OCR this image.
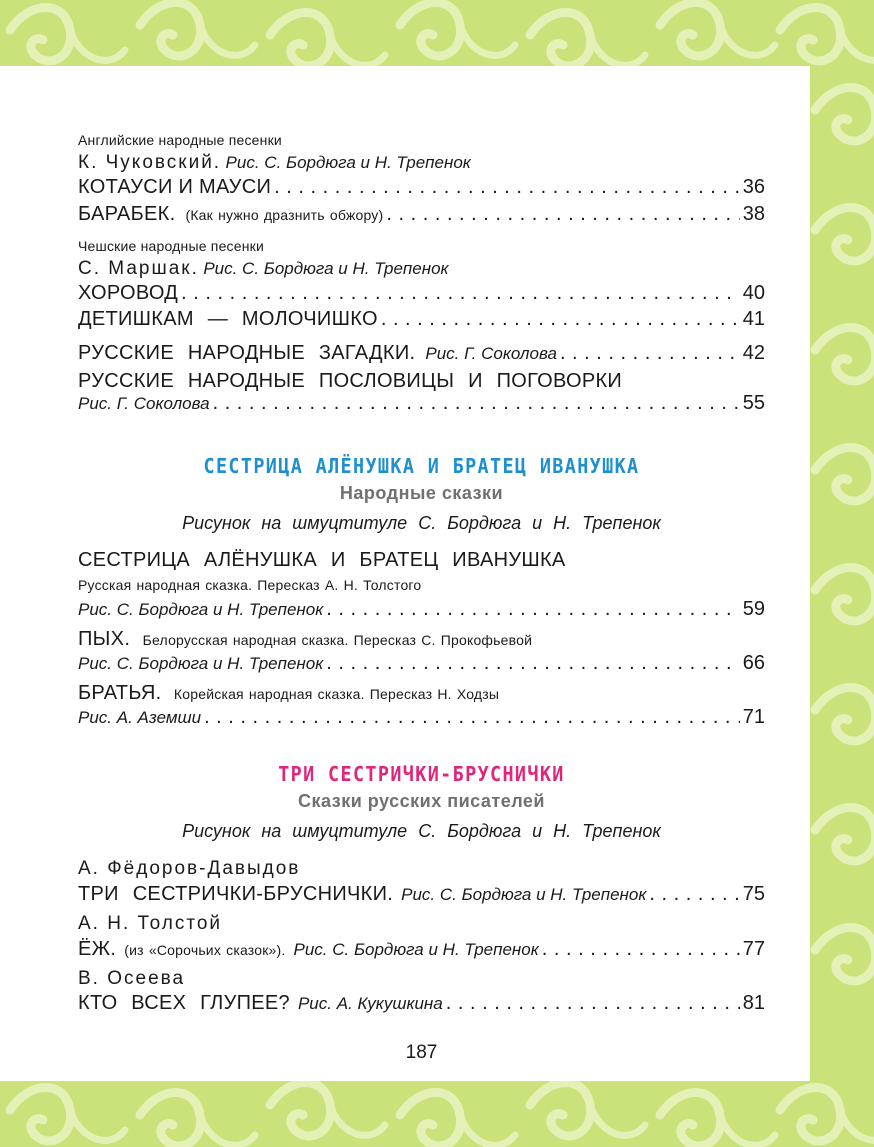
Английские народные песенки
К. Чуковский. Рис. С. Бордюга и Н. Трепенок
КОТАУСИ И МАУСИ . . .	36
БАРАБЕК. (Как нужно дразнить обжору) . . .	38
Чешские народные песенки
С. Маршак. Рис. С. Бордюга и Н. Трепенок
ХОРОВОД . . .	40
ДЕТИШКАМ — МОЛОЧИШКО . . .	41
РУССКИЕ НАРОДНЫЕ ЗАГАДКИ. Рис. Г. Соколова . . .	42
РУССКИЕ НАРОДНЫЕ ПОСЛОВИЦЫ И ПОГОВОРКИ
Рис. Г. Соколова . . .	55
СЕСТРИЦА АЛЁНУШКА И БРАТЕЦ ИВАНУШКА
Народные сказки
Рисунок на шмуцтитуле С. Бордюга и Н. Трепенок
СЕСТРИЦА АЛЁНУШКА И БРАТЕЦ ИВАНУШКА
Русская народная сказка. Пересказ А. Н. Толстого
Рис. С. Бордюга и Н. Трепенок . . .	59
ПЫХ. Белорусская народная сказка. Пересказ С. Прокофьевой
Рис. С. Бордюга и Н. Трепенок . . .	66
БРАТЬЯ. Корейская народная сказка. Пересказ Н. Ходзы
Рис. А. Аземши . . .	71
ТРИ СЕСТРИЧКИ-БРУСНИЧКИ
Сказки русских писателей
Рисунок на шмуцтитуле С. Бордюга и Н. Трепенок
А. Фёдоров-Давыдов
ТРИ СЕСТРИЧКИ-БРУСНИЧКИ. Рис. С. Бордюга и Н. Трепенок . . .	75
А. Н. Толстой
ЁЖ. (из «Сорочьих сказок»). Рис. С. Бордюга и Н. Трепенок . . .	77
В. Осеева
КТО ВСЕХ ГЛУПЕЕ? Рис. А. Кукушкина . . .	81
187
